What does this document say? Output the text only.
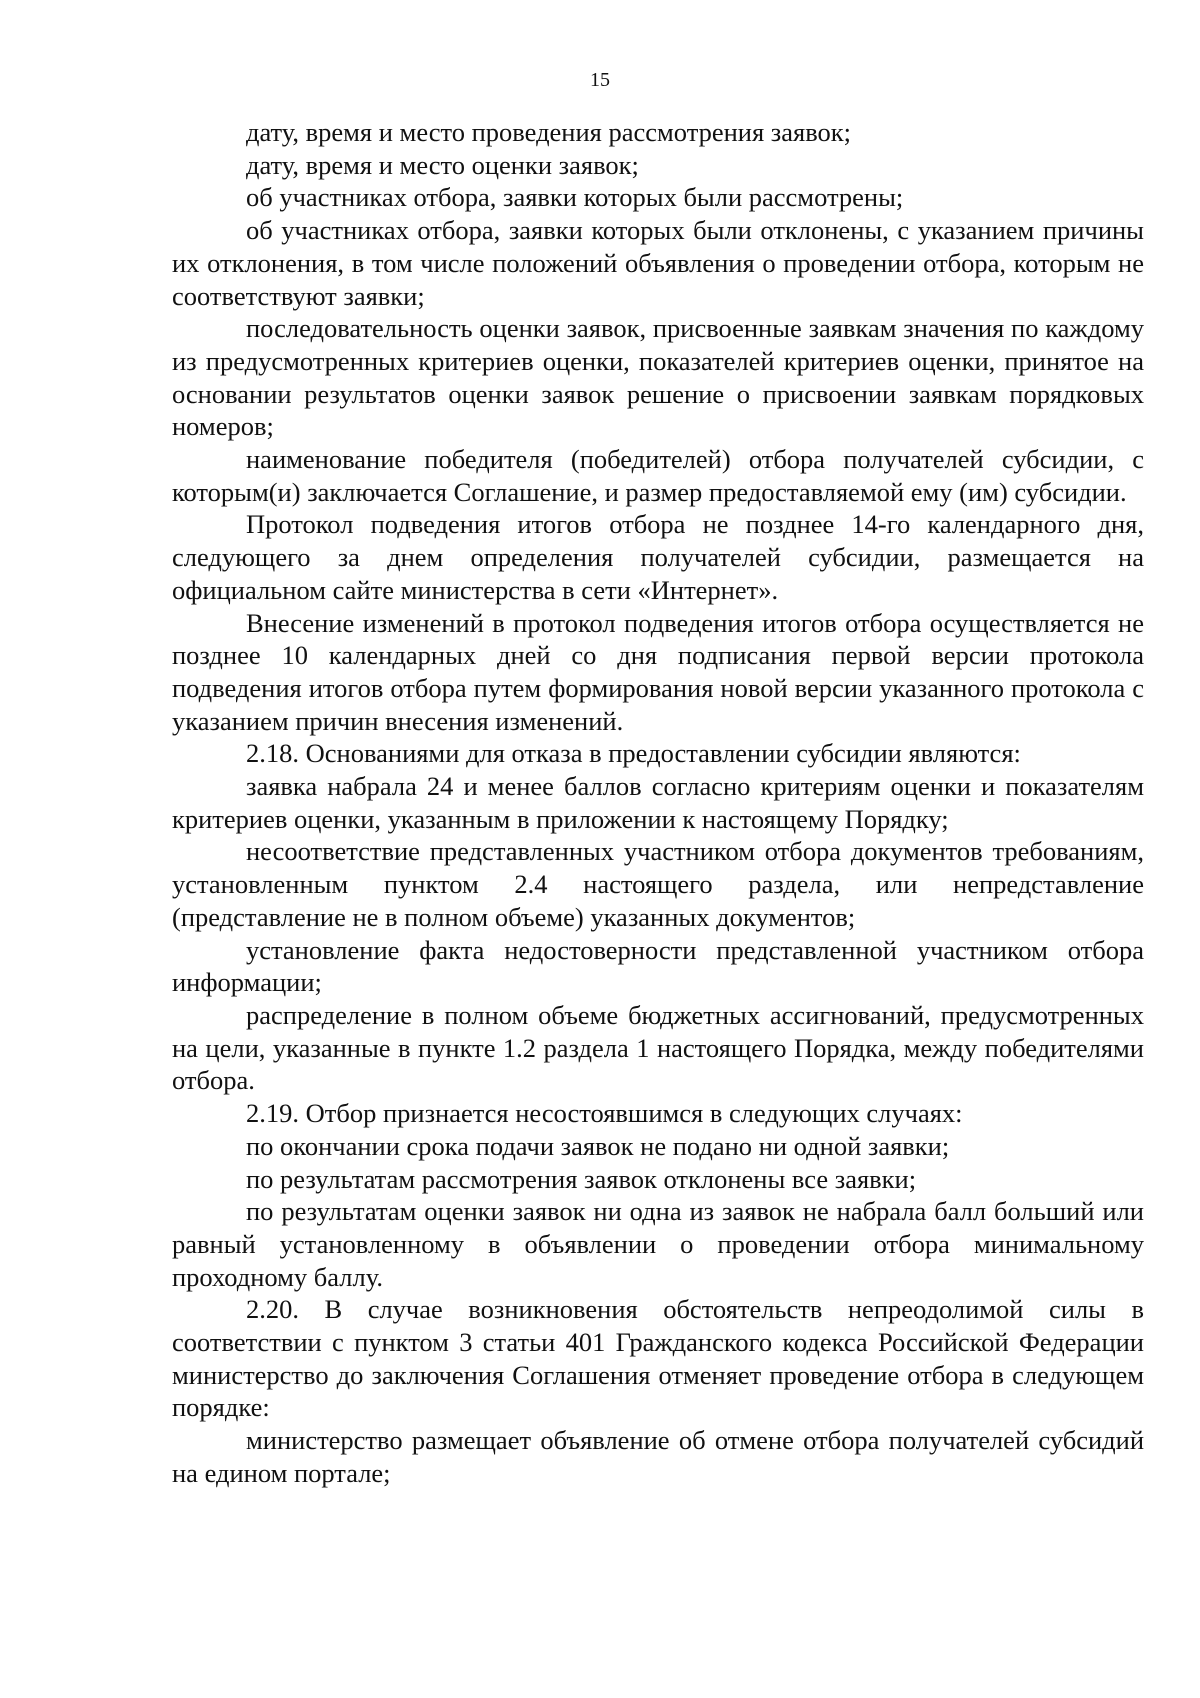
15

дату, время и место проведения рассмотрения заявок;

дату, время и место оценки заявок;

об участниках отбора, заявки которых были рассмотрены;

об участниках отбора, заявки которых были отклонены, с указанием причины их отклонения, в том числе положений объявления о проведении отбора, которым не соответствуют заявки;

последовательность оценки заявок, присвоенные заявкам значения по каждому из предусмотренных критериев оценки, показателей критериев оценки, принятое на основании результатов оценки заявок решение о присвоении заявкам порядковых номеров;

наименование победителя (победителей) отбора получателей субсидии, с которым(и) заключается Соглашение, и размер предоставляемой ему (им) субсидии.

Протокол подведения итогов отбора не позднее 14-го календарного дня, следующего за днем определения получателей субсидии, размещается на официальном сайте министерства в сети «Интернет».

Внесение изменений в протокол подведения итогов отбора осуществляется не позднее 10 календарных дней со дня подписания первой версии протокола подведения итогов отбора путем формирования новой версии указанного протокола с указанием причин внесения изменений.

2.18. Основаниями для отказа в предоставлении субсидии являются:

заявка набрала 24 и менее баллов согласно критериям оценки и показателям критериев оценки, указанным в приложении к настоящему Порядку;

несоответствие представленных участником отбора документов требованиям, установленным пунктом 2.4 настоящего раздела, или непредставление (представление не в полном объеме) указанных документов;

установление факта недостоверности представленной участником отбора информации;

распределение в полном объеме бюджетных ассигнований, предусмотренных на цели, указанные в пункте 1.2 раздела 1 настоящего Порядка, между победителями отбора.

2.19. Отбор признается несостоявшимся в следующих случаях:

по окончании срока подачи заявок не подано ни одной заявки;

по результатам рассмотрения заявок отклонены все заявки;

по результатам оценки заявок ни одна из заявок не набрала балл больший или равный установленному в объявлении о проведении отбора минимальному проходному баллу.

2.20. В случае возникновения обстоятельств непреодолимой силы в соответствии с пунктом 3 статьи 401 Гражданского кодекса Российской Федерации министерство до заключения Соглашения отменяет проведение отбора в следующем порядке:

министерство размещает объявление об отмене отбора получателей субсидий на едином портале;
